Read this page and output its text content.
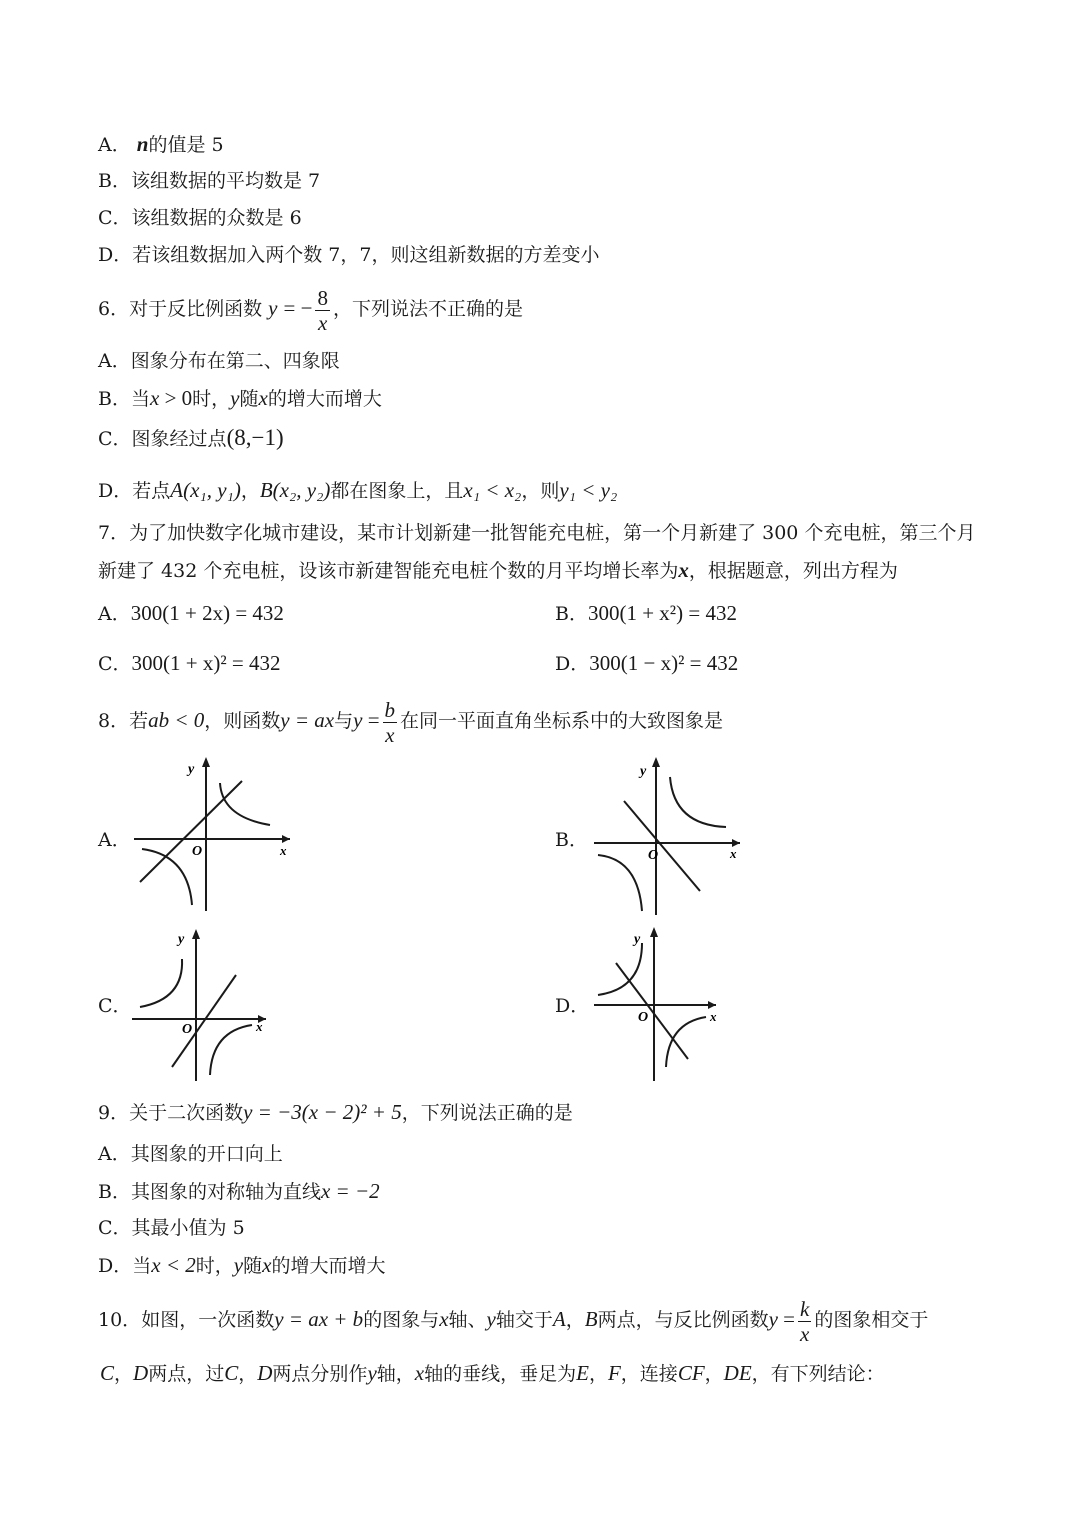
A． n的值是 5
B．该组数据的平均数是 7
C．该组数据的众数是 6
D．若该组数据加入两个数 7，7，则这组新数据的方差变小
6．对于反比例函数 y = − $\frac{8}{x}$ ，下列说法不正确的是
A．图象分布在第二、四象限
B．当x > 0时，y随x的增大而增大
C．图象经过点(8,−1)
D．若点A(x₁, y₁)，B(x₂, y₂)都在图象上，且x₁ < x₂，则y₁ < y₂
7．为了加快数字化城市建设，某市计划新建一批智能充电桩，第一个月新建了 300 个充电桩，第三个月
新建了 432 个充电桩，设该市新建智能充电桩个数的月平均增长率为x，根据题意，列出方程为
A．300(1 + 2x) = 432	B．300(1 + x²) = 432
C．300(1 + x)² = 432	D．300(1 − x)² = 432
8．若ab < 0，则函数y = ax与$y = \frac{b}{x}$ 在同一平面直角坐标系中的大致图象是
A．	B．
C．	D．
x
y
O	x
y
O
x
y
O
x
y
O
9．关于二次函数y = −3(x − 2)² + 5，下列说法正确的是
A．其图象的开口向上
B．其图象的对称轴为直线x = −2
C．其最小值为 5
D．当x < 2时，y随x的增大而增大
10．如图，一次函数y = ax + b的图象与x轴、y轴交于A，B两点，与反比例函数$y = \frac{k}{x}$ 的图象相交于
C，D两点，过C，D两点分别作y轴，x轴的垂线，垂足为E，F，连接CF，DE，有下列结论：
